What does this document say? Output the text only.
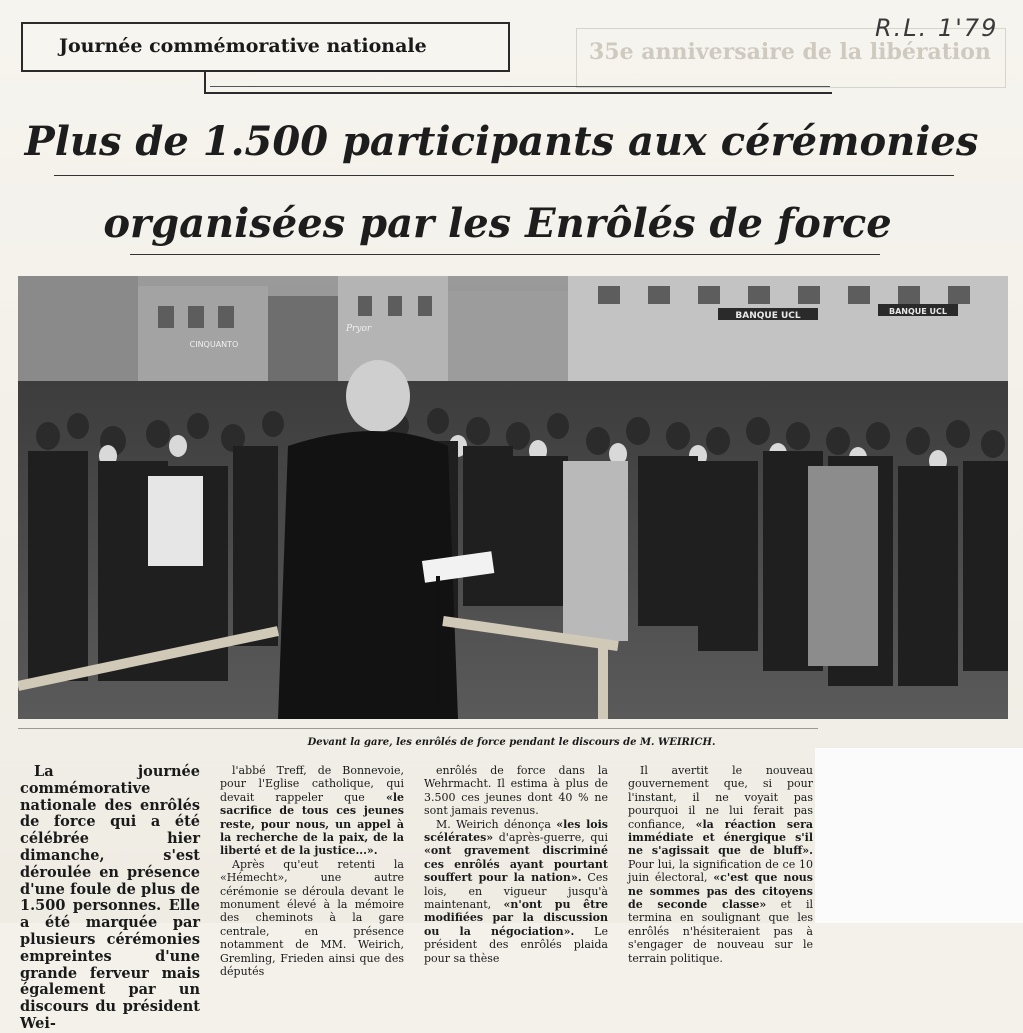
35e anniversaire de la libération
Journée commémorative nationale
R.L. 1'79
Plus de 1.500 participants aux cérémonies
organisées par les Enrôlés de force
BANQUE UCL	BANQUE UCL
CINQUANTO
Pryor
Devant la gare, les enrôlés de force pendant le discours de M. WEIRICH.

La journée commémorative nationale des enrôlés de force qui a été célébrée hier dimanche, s'est déroulée en présence d'une foule de plus de 1.500 personnes. Elle a été marquée par plusieurs cérémonies empreintes d'une grande ferveur mais également par un discours du président Wei-

l'abbé Treff, de Bonnevoie, pour l'Eglise catholique, qui devait rappeler que «le sacrifice de tous ces jeunes reste, pour nous, un appel à la recherche de la paix, de la liberté et de la justice...».

Après qu'eut retenti la «Hémecht», une autre cérémonie se déroula devant le monument élevé à la mémoire des cheminots à la gare centrale, en présence notamment de MM. Weirich, Gremling, Frieden ainsi que des députés

enrôlés de force dans la Wehrmacht. Il estima à plus de 3.500 ces jeunes dont 40 % ne sont jamais revenus.

M. Weirich dénonça «les lois scélérates» d'après-guerre, qui «ont gravement discriminé ces enrôlés ayant pourtant souffert pour la nation». Ces lois, en vigueur jusqu'à maintenant, «n'ont pu être modifiées par la discussion ou la négociation». Le président des enrôlés plaida pour sa thèse

Il avertit le nouveau gouvernement que, si pour l'instant, il ne voyait pas pourquoi il ne lui ferait pas confiance, «la réaction sera immédiate et énergique s'il ne s'agissait que de bluff». Pour lui, la signification de ce 10 juin électoral, «c'est que nous ne sommes pas des citoyens de seconde classe» et il termina en soulignant que les enrôlés n'hésiteraient pas à s'engager de nouveau sur le terrain politique.
